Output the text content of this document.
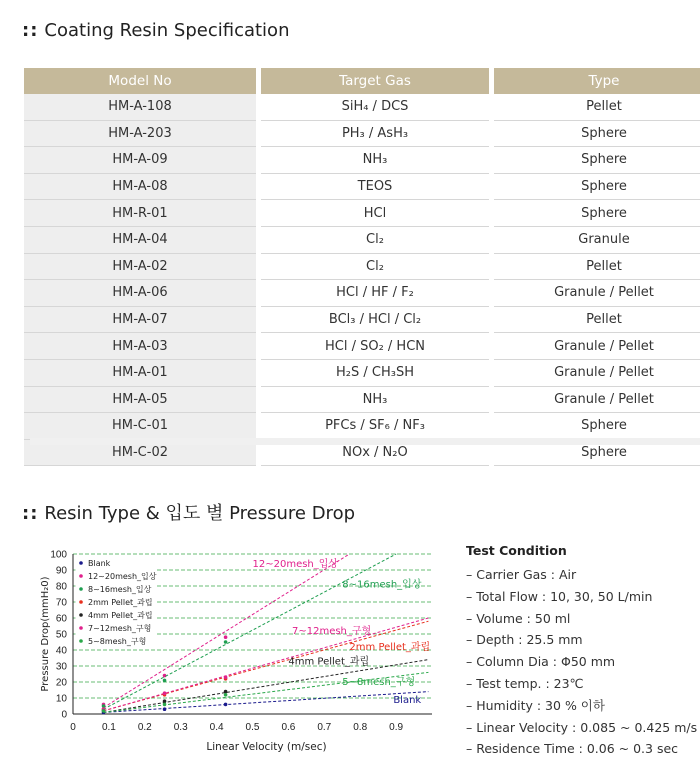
:: Coating Resin Specification
Model No		Target Gas		Type
HM-A-108		SiH₄ / DCS		Pellet
HM-A-203		PH₃ / AsH₃		Sphere
HM-A-09		NH₃		Sphere
HM-A-08		TEOS		Sphere
HM-R-01		HCl		Sphere
HM-A-04		Cl₂		Granule
HM-A-02		Cl₂		Pellet
HM-A-06		HCl / HF / F₂		Granule / Pellet
HM-A-07		BCl₃ / HCl / Cl₂		Pellet
HM-A-03		HCl / SO₂ / HCN		Granule / Pellet
HM-A-01		H₂S / CH₃SH		Granule / Pellet
HM-A-05		NH₃		Granule / Pellet
HM-C-01		PFCs / SF₆ / NF₃		Sphere
HM-C-02		NOx / N₂O		Sphere
:: Resin Type & 입도 별 Pressure Drop
0
10
20
30
40
50
60
70
80
90
100
0	0.1 0.2 0.3 0.4 0.5 0.6 0.7 0.8 0.9
Linear Velocity (m/sec)
Pressure Drop(mmH₂0)
Blank
12~20mesh_입상
8~16mesh_입상
2mm Pellet_과립
4mm Pellet_과립
7~12mesh_구형
5~8mesh_구형
Blank
12~20mesh_입상
8~16mesh_입상
2mm Pellet_과립
4mm Pellet_과립
7~12mesh_구형
5~8mesh_구형
Test Condition
– Carrier Gas : Air
– Total Flow : 10, 30, 50 L/min
– Volume : 50 ml
– Depth : 25.5 mm
– Column Dia : Φ50 mm
– Test temp. : 23℃
– Humidity : 30 % 이하
– Linear Velocity : 0.085 ~ 0.425 m/s
– Residence Time : 0.06 ~ 0.3 sec
